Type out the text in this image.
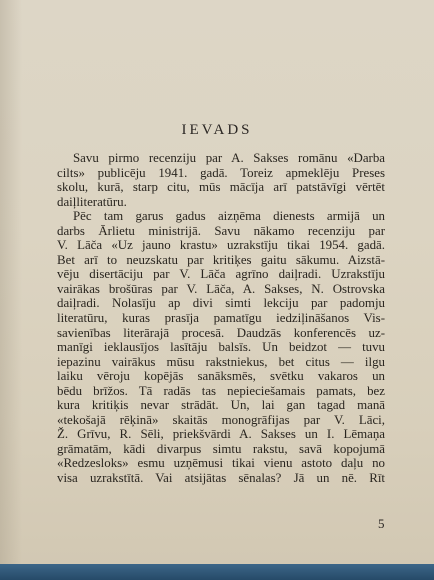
IEVADS
Savu pirmo recenziju par A. Sakses romānu «Darba
cilts» publicēju 1941. gadā. Toreiz apmeklēju Preses
skolu, kurā, starp citu, mūs mācīja arī patstāvīgi vērtēt
daiļliteratūru.
Pēc tam garus gadus aizņēma dienests armijā un
darbs Ārlietu ministrijā. Savu nākamo recenziju par
V. Lāča «Uz jauno krastu» uzrakstīju tikai 1954. gadā.
Bet arī to neuzskatu par kritiķes gaitu sākumu. Aizstā-
vēju disertāciju par V. Lāča agrīno daiļradi. Uzrakstīju
vairākas brošūras par V. Lāča, A. Sakses, N. Ostrovska
daiļradi. Nolasīju ap divi simti lekciju par padomju
literatūru, kuras prasīja pamatīgu iedziļināšanos Vis-
savienības literārajā procesā. Daudzās konferencēs uz-
manīgi ieklausījos lasītāju balsīs. Un beidzot — tuvu
iepazinu vairākus mūsu rakstniekus, bet citus — ilgu
laiku vēroju kopējās sanāksmēs, svētku vakaros un
bēdu brīžos. Tā radās tas nepieciešamais pamats, bez
kura kritiķis nevar strādāt. Un, lai gan tagad manā
«tekošajā rēķinā» skaitās monogrāfijas par V. Lāci,
Ž. Grīvu, R. Sēli, priekšvārdi A. Sakses un I. Lēmaņa
grāmatām, kādi divarpus simtu rakstu, savā kopojumā
«Redzesloks» esmu uzņēmusi tikai vienu astoto daļu no
visa uzrakstītā. Vai atsijātas sēnalas? Jā un nē. Rīt
5
